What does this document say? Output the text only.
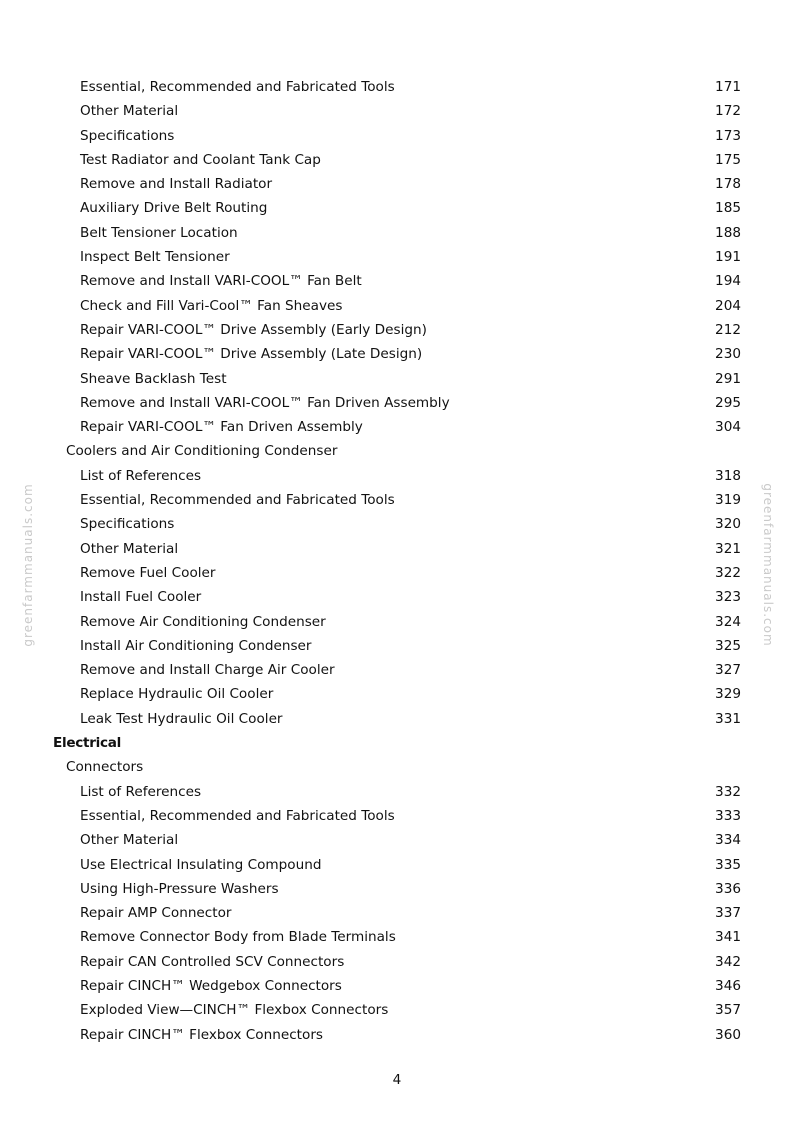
greenfarmmanuals.com	greenfarmmanuals.com
Essential, Recommended and Fabricated Tools	171
Other Material	172
Specifications	173
Test Radiator and Coolant Tank Cap	175
Remove and Install Radiator	178
Auxiliary Drive Belt Routing	185
Belt Tensioner Location	188
Inspect Belt Tensioner	191
Remove and Install VARI-COOL™ Fan Belt	194
Check and Fill Vari-Cool™ Fan Sheaves	204
Repair VARI-COOL™ Drive Assembly (Early Design)	212
Repair VARI-COOL™ Drive Assembly (Late Design)	230
Sheave Backlash Test	291
Remove and Install VARI-COOL™ Fan Driven Assembly	295
Repair VARI-COOL™ Fan Driven Assembly	304
Coolers and Air Conditioning Condenser
List of References	318
Essential, Recommended and Fabricated Tools	319
Specifications	320
Other Material	321
Remove Fuel Cooler	322
Install Fuel Cooler	323
Remove Air Conditioning Condenser	324
Install Air Conditioning Condenser	325
Remove and Install Charge Air Cooler	327
Replace Hydraulic Oil Cooler	329
Leak Test Hydraulic Oil Cooler	331
Electrical
Connectors
List of References	332
Essential, Recommended and Fabricated Tools	333
Other Material	334
Use Electrical Insulating Compound	335
Using High-Pressure Washers	336
Repair AMP Connector	337
Remove Connector Body from Blade Terminals	341
Repair CAN Controlled SCV Connectors	342
Repair CINCH™ Wedgebox Connectors	346
Exploded View—CINCH™ Flexbox Connectors	357
Repair CINCH™ Flexbox Connectors	360
4
